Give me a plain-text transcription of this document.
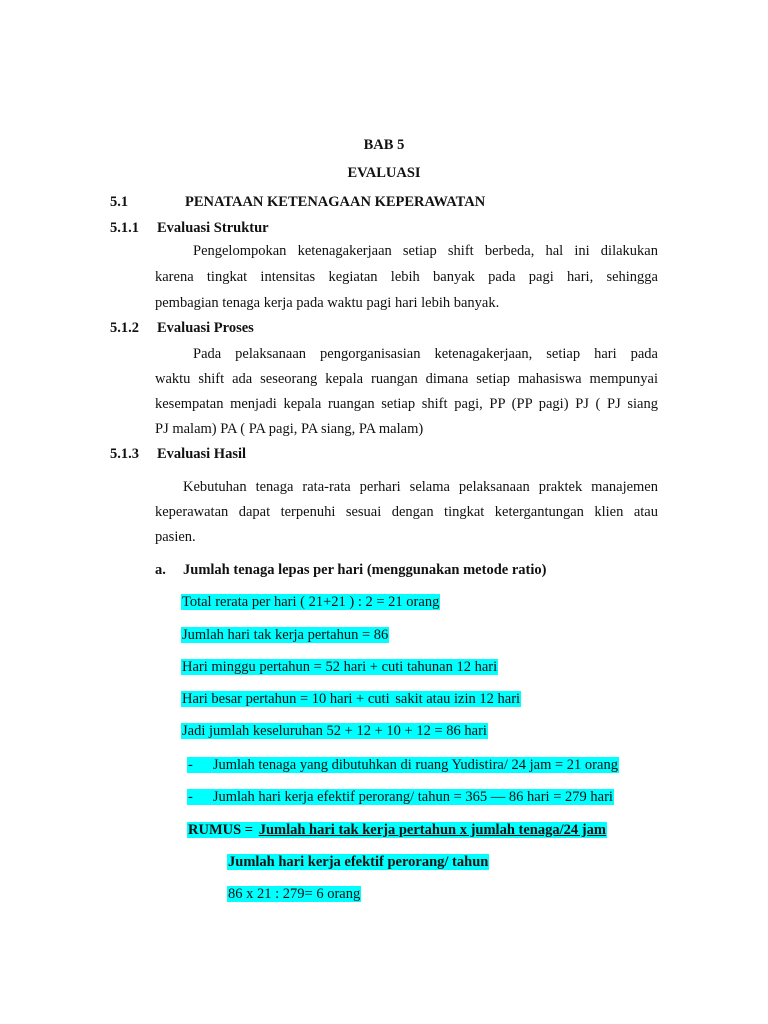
BAB 5
EVALUASI
5.1	PENATAAN KETENAGAAN KEPERAWATAN
5.1.1 Evaluasi Struktur
Pengelompokan ketenagakerjaan setiap shift berbeda, hal ini dilakukan
karena tingkat intensitas kegiatan lebih banyak pada pagi hari, sehingga
pembagian tenaga kerja pada waktu pagi hari lebih banyak.
5.1.2 Evaluasi Proses
Pada pelaksanaan pengorganisasian ketenagakerjaan, setiap hari pada
waktu shift ada seseorang kepala ruangan dimana setiap mahasiswa mempunyai
kesempatan menjadi kepala ruangan setiap shift pagi, PP (PP pagi) PJ ( PJ siang
PJ malam) PA ( PA pagi, PA siang, PA malam)
5.1.3 Evaluasi Hasil
Kebutuhan tenaga rata-rata perhari selama pelaksanaan praktek manajemen
keperawatan dapat terpenuhi sesuai dengan tingkat ketergantungan klien atau
pasien.
a. Jumlah tenaga lepas per hari (menggunakan metode ratio)
Total rerata per hari ( 21+21 ) : 2 = 21 orang
Jumlah hari tak kerja pertahun = 86
Hari minggu pertahun = 52 hari + cuti tahunan 12 hari
Hari besar pertahun = 10 hari + cuti sakit atau izin 12 hari
Jadi jumlah keseluruhan 52 + 12 + 10 + 12 = 86 hari
- Jumlah tenaga yang dibutuhkan di ruang Yudistira/ 24 jam = 21 orang
- Jumlah hari kerja efektif perorang/ tahun = 365 — 86 hari = 279 hari
RUMUS = Jumlah hari tak kerja pertahun x jumlah tenaga/24 jam
Jumlah hari kerja efektif perorang/ tahun
86 x 21 : 279= 6 orang
